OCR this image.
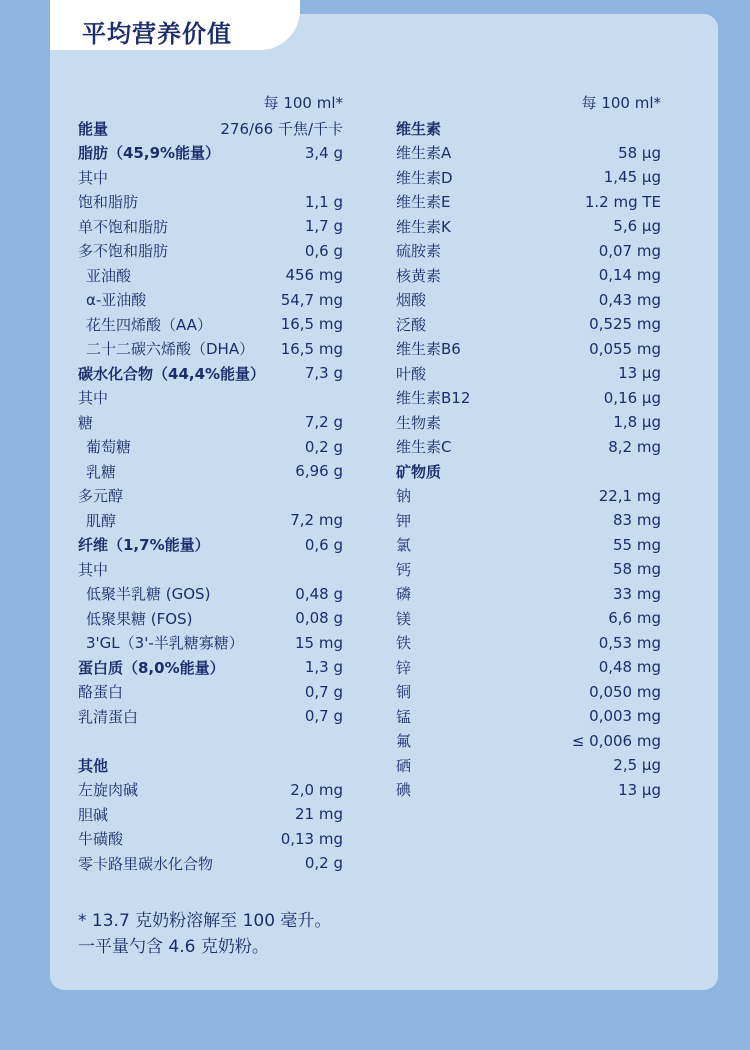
平均营养价值
每 100 ml*
能量	276/66 千焦/千卡
脂肪（45,9%能量）	3,4 g
其中
饱和脂肪	1,1 g
单不饱和脂肪	1,7 g
多不饱和脂肪	0,6 g
亚油酸	456 mg
α-亚油酸	54,7 mg
花生四烯酸（AA）	16,5 mg
二十二碳六烯酸（DHA） 16,5 mg
碳水化合物（44,4%能量）	7,3 g
其中
糖	7,2 g
葡萄糖	0,2 g
乳糖	6,96 g
多元醇
肌醇	7,2 mg
纤维（1,7%能量）	0,6 g
其中
低聚半乳糖 (GOS)	0,48 g
低聚果糖 (FOS)	0,08 g
3'GL（3'-半乳糖寡糖）	15 mg
蛋白质（8,0%能量）	1,3 g
酪蛋白	0,7 g
乳清蛋白	0,7 g
其他
左旋肉碱	2,0 mg
胆碱	21 mg
牛磺酸	0,13 mg
零卡路里碳水化合物	0,2 g
每 100 ml*
维生素
维生素A	58 μg
维生素D	1,45 μg
维生素E	1.2 mg TE
维生素K	5,6 μg
硫胺素	0,07 mg
核黄素	0,14 mg
烟酸	0,43 mg
泛酸	0,525 mg
维生素B6	0,055 mg
叶酸	13 μg
维生素B12	0,16 μg
生物素	1,8 μg
维生素C	8,2 mg
矿物质
钠	22,1 mg
钾	83 mg
氯	55 mg
钙	58 mg
磷	33 mg
镁	6,6 mg
铁	0,53 mg
锌	0,48 mg
铜	0,050 mg
锰	0,003 mg
氟	≤ 0,006 mg
硒	2,5 μg
碘	13 μg
* 13.7 克奶粉溶解至 100 毫升。
一平量勺含 4.6 克奶粉。
